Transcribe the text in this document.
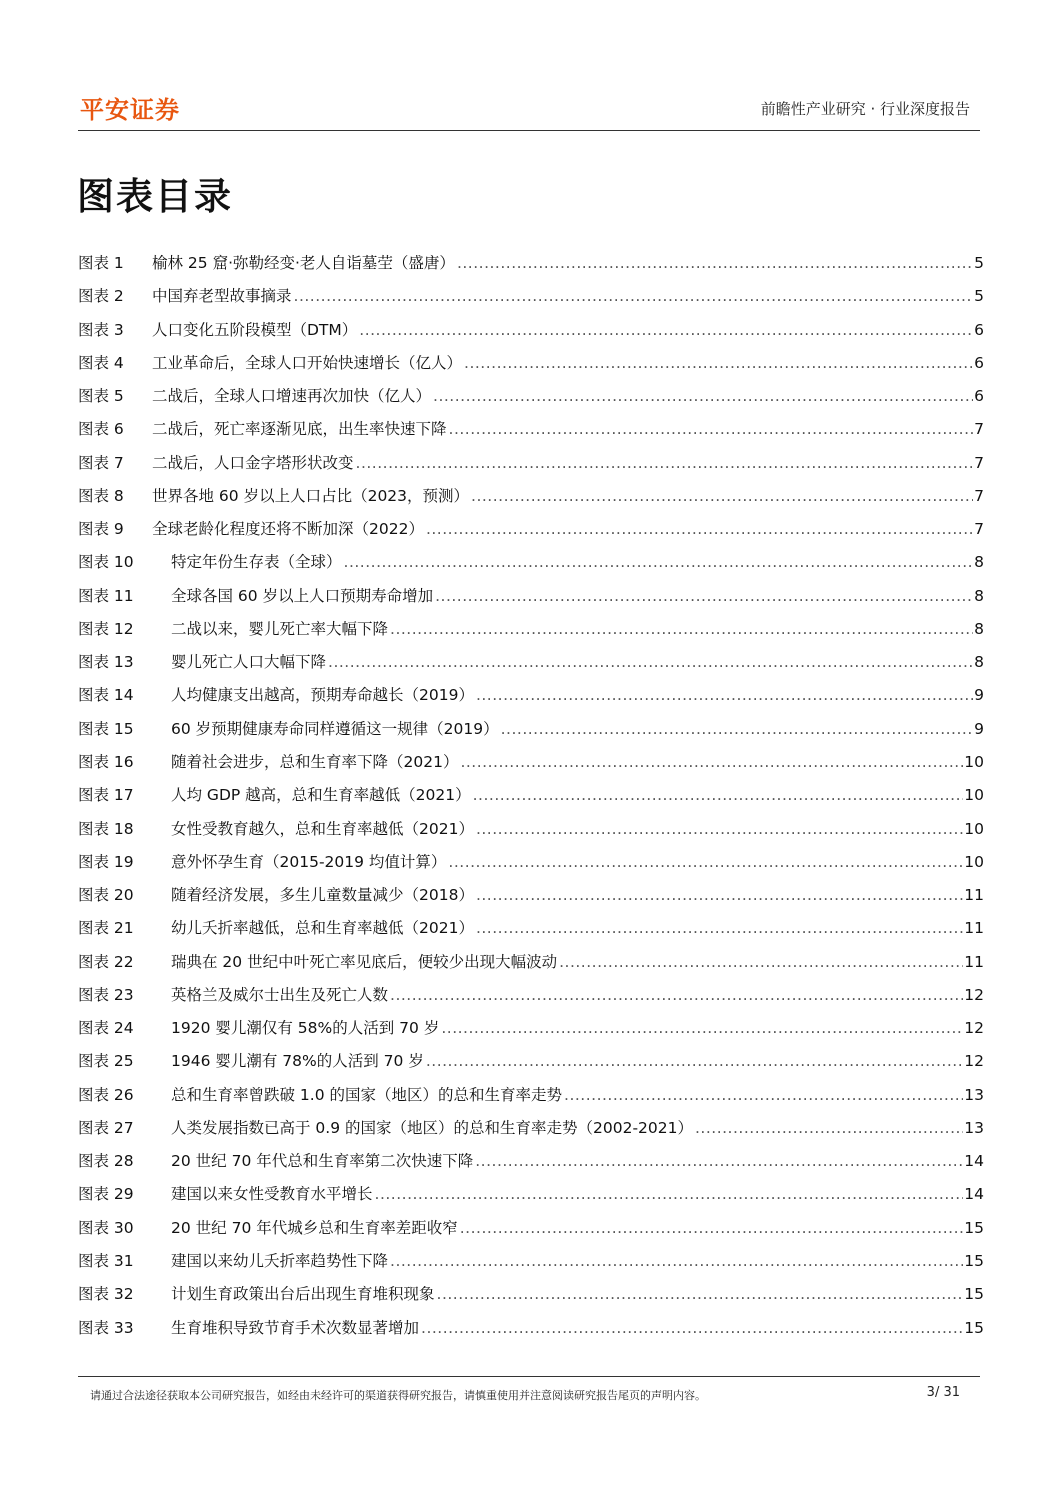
平安证券	前瞻性产业研究 · 行业深度报告
图表目录
图表 1	榆林 25 窟·弥勒经变·老人自诣墓茔（盛唐） .....	5
图表 2	中国弃老型故事摘录 .....	5
图表 3	人口变化五阶段模型（DTM） .....	6
图表 4	工业革命后，全球人口开始快速增长（亿人） .....	6
图表 5	二战后，全球人口增速再次加快（亿人） .....	6
图表 6	二战后，死亡率逐渐见底，出生率快速下降 .....	7
图表 7	二战后，人口金字塔形状改变 .....	7
图表 8	世界各地 60 岁以上人口占比（2023，预测） .....	7
图表 9	全球老龄化程度还将不断加深（2022） .....	7
图表 10	特定年份生存表（全球） .....	8
图表 11	全球各国 60 岁以上人口预期寿命增加 .....	8
图表 12	二战以来，婴儿死亡率大幅下降 .....	8
图表 13	婴儿死亡人口大幅下降 .....	8
图表 14	人均健康支出越高，预期寿命越长（2019） .....	9
图表 15	60 岁预期健康寿命同样遵循这一规律（2019） .....	9
图表 16	随着社会进步，总和生育率下降（2021） .....	10
图表 17	人均 GDP 越高，总和生育率越低（2021） .....	10
图表 18	女性受教育越久，总和生育率越低（2021） .....	10
图表 19	意外怀孕生育（2015-2019 均值计算） .....	10
图表 20	随着经济发展，多生儿童数量减少（2018） .....	11
图表 21	幼儿夭折率越低，总和生育率越低（2021） .....	11
图表 22	瑞典在 20 世纪中叶死亡率见底后，便较少出现大幅波动 .....	11
图表 23	英格兰及威尔士出生及死亡人数 .....	12
图表 24	1920 婴儿潮仅有 58%的人活到 70 岁 .....	12
图表 25	1946 婴儿潮有 78%的人活到 70 岁 .....	12
图表 26	总和生育率曾跌破 1.0 的国家（地区）的总和生育率走势 .....	13
图表 27	人类发展指数已高于 0.9 的国家（地区）的总和生育率走势（2002-2021） .....	13
图表 28	20 世纪 70 年代总和生育率第二次快速下降 .....	14
图表 29	建国以来女性受教育水平增长 .....	14
图表 30	20 世纪 70 年代城乡总和生育率差距收窄 .....	15
图表 31	建国以来幼儿夭折率趋势性下降 .....	15
图表 32	计划生育政策出台后出现生育堆积现象 .....	15
图表 33	生育堆积导致节育手术次数显著增加 .....	15
请通过合法途径获取本公司研究报告，如经由未经许可的渠道获得研究报告，请慎重使用并注意阅读研究报告尾页的声明内容。	3/ 31
